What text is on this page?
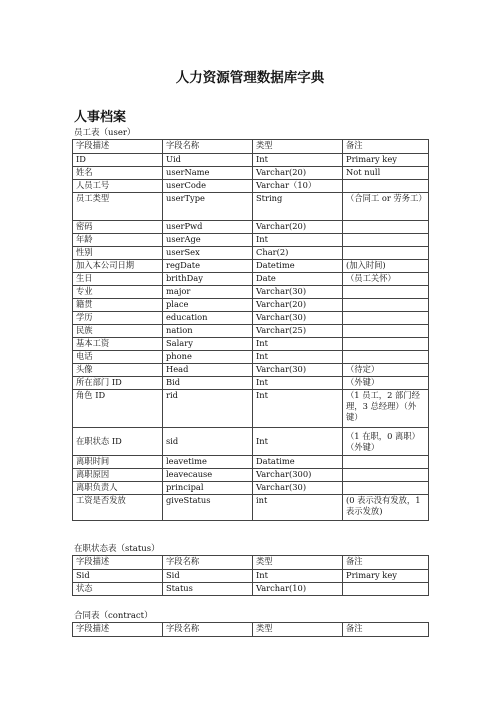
人力资源管理数据库字典
人事档案
员工表（user）
字段描述	字段名称	类型	备注
ID	Uid	Int	Primary key
姓名	userName	Varchar(20)	Not null
人员工号	userCode	Varchar（10）	
员工类型	userType	String	（合同工 or 劳务工）
密码	userPwd	Varchar(20)	
年龄	userAge	Int	
性别	userSex	Char(2)	
加入本公司日期	regDate	Datetime	(加入时间)
生日	brithDay	Date	（员工关怀）
专业	major	Varchar(30)	
籍贯	place	Varchar(20)	
学历	education	Varchar(30)	
民族	nation	Varchar(25)	
基本工资	Salary	Int	
电话	phone	Int	
头像	Head	Varchar(30)	（待定）
所在部门 ID	Bid	Int	（外键）
角色 ID	rid	Int	（1 员工，2 部门经理，3 总经理）（外键）
在职状态 ID	sid	Int	（1 在职，0 离职）（外键）
离职时间	leavetime	Datatime	
离职原因	leavecause	Varchar(300)	
离职负责人	principal	Varchar(30)	
工资是否发放	giveStatus	int	(0 表示没有发放，1 表示发放)
在职状态表（status）
字段描述	字段名称	类型	备注
Sid	Sid	Int	Primary key
状态	Status	Varchar(10)	
合同表（contract）
字段描述	字段名称	类型	备注
